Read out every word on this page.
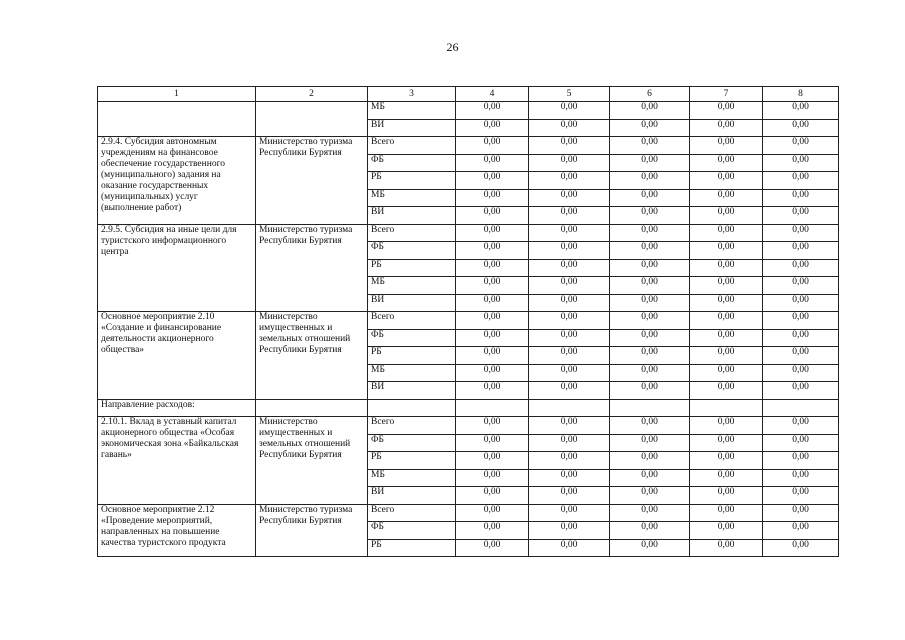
26
1	2	3	4	5	6	7	8
		МБ	0,00	0,00	0,00	0,00	0,00
		ВИ	0,00	0,00	0,00	0,00	0,00
2.9.4. Субсидия автономным учреждениям на финансовое обеспечение государственного (муниципального) задания на оказание государственных (муниципальных) услуг (выполнение работ)	Министерство туризма Республики Бурятия	Всего	0,00	0,00	0,00	0,00	0,00
		ФБ	0,00	0,00	0,00	0,00	0,00
		РБ	0,00	0,00	0,00	0,00	0,00
		МБ	0,00	0,00	0,00	0,00	0,00
		ВИ	0,00	0,00	0,00	0,00	0,00
2.9.5. Субсидия на иные цели для туристского информационного центра	Министерство туризма Республики Бурятия	Всего	0,00	0,00	0,00	0,00	0,00
		ФБ	0,00	0,00	0,00	0,00	0,00
		РБ	0,00	0,00	0,00	0,00	0,00
		МБ	0,00	0,00	0,00	0,00	0,00
		ВИ	0,00	0,00	0,00	0,00	0,00
Основное мероприятие 2.10 «Создание и финансирование деятельности акционерного общества»	Министерство имущественных и земельных отношений Республики Бурятия	Всего	0,00	0,00	0,00	0,00	0,00
		ФБ	0,00	0,00	0,00	0,00	0,00
		РБ	0,00	0,00	0,00	0,00	0,00
		МБ	0,00	0,00	0,00	0,00	0,00
		ВИ	0,00	0,00	0,00	0,00	0,00
Направление расходов:							
2.10.1. Вклад в уставный капитал акционерного общества «Особая экономическая зона «Байкальская гавань»	Министерство имущественных и земельных отношений Республики Бурятия	Всего	0,00	0,00	0,00	0,00	0,00
		ФБ	0,00	0,00	0,00	0,00	0,00
		РБ	0,00	0,00	0,00	0,00	0,00
		МБ	0,00	0,00	0,00	0,00	0,00
		ВИ	0,00	0,00	0,00	0,00	0,00
Основное мероприятие 2.12 «Проведение мероприятий, направленных на повышение качества туристского продукта	Министерство туризма Республики Бурятия	Всего	0,00	0,00	0,00	0,00	0,00
		ФБ	0,00	0,00	0,00	0,00	0,00
		РБ	0,00	0,00	0,00	0,00	0,00
